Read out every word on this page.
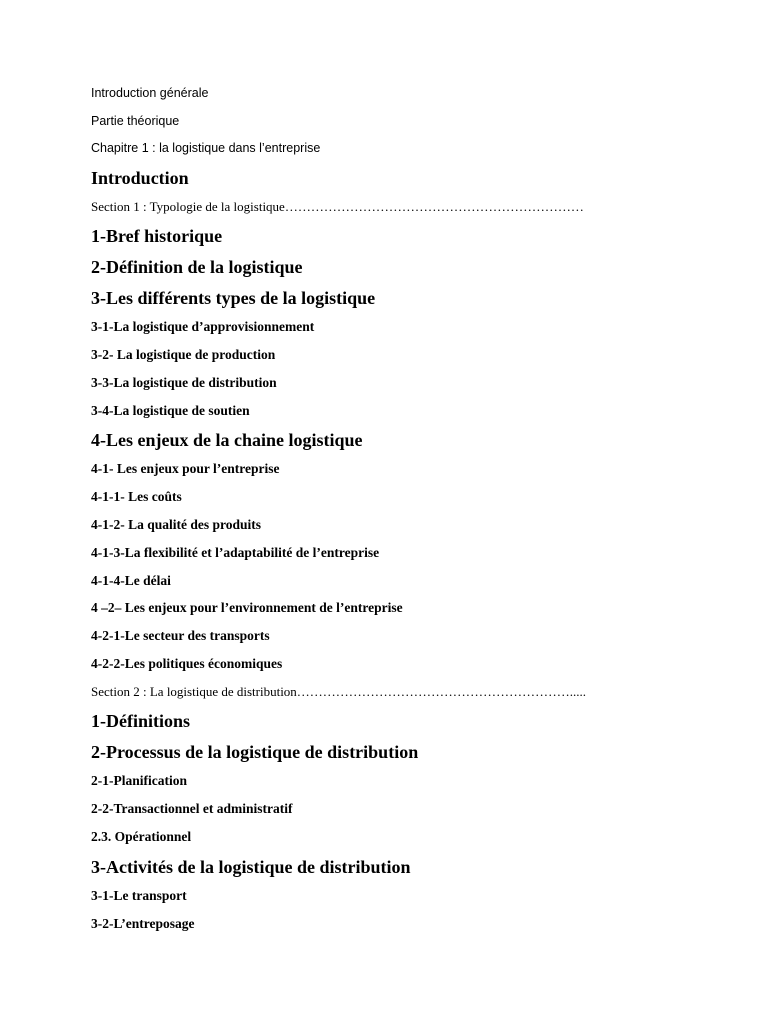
Introduction générale
Partie théorique
Chapitre 1 : la logistique dans l’entreprise
Introduction
Section 1 : Typologie de la logistique……………………………………………………………
1-Bref historique
2-Définition de la logistique
3-Les différents types de la logistique
3-1-La logistique d’approvisionnement
3-2- La logistique de production
3-3-La logistique de distribution
3-4-La logistique de soutien
4-Les enjeux de la chaine logistique
4-1- Les enjeux pour l’entreprise
4-1-1- Les coûts
4-1-2- La qualité des produits
4-1-3-La flexibilité et l’adaptabilité de l’entreprise
4-1-4-Le délai
4 –2– Les enjeux pour l’environnement de l’entreprise
4-2-1-Le secteur des transports
4-2-2-Les politiques économiques
Section 2 : La logistique de distribution……………………………………………………….....
1-Définitions
2-Processus de la logistique de distribution
2-1-Planification
2-2-Transactionnel et administratif
2.3. Opérationnel
3-Activités de la logistique de distribution
3-1-Le transport
3-2-L’entreposage
